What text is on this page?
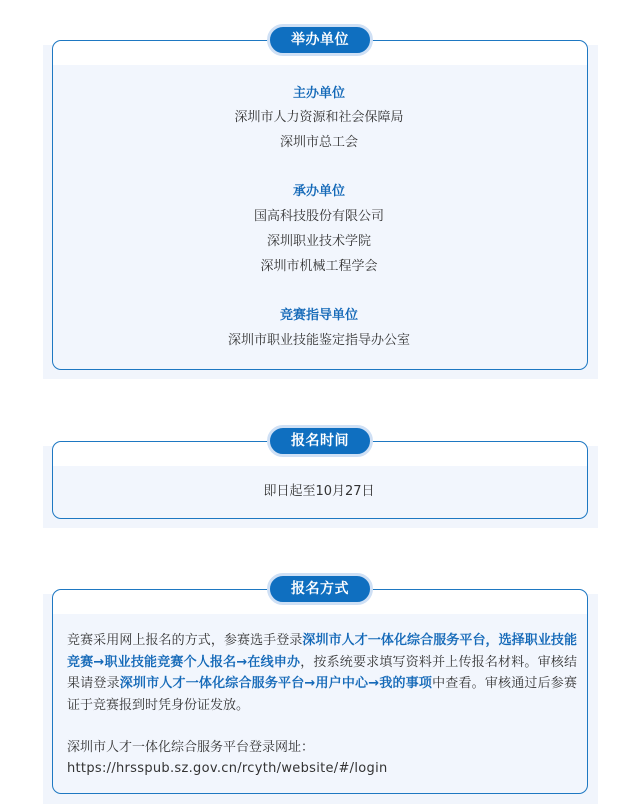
举办单位
主办单位
深圳市人力资源和社会保障局
深圳市总工会
承办单位
国高科技股份有限公司
深圳职业技术学院
深圳市机械工程学会
竞赛指导单位
深圳市职业技能鉴定指导办公室
报名时间
即日起至10月27日
报名方式
竞赛采用网上报名的方式，参赛选手登录深圳市人才一体化综合服务平台，选择职业技能竞赛→职业技能竞赛个人报名→在线申办，按系统要求填写资料并上传报名材料。审核结果请登录深圳市人才一体化综合服务平台→用户中心→我的事项中查看。审核通过后参赛证于竞赛报到时凭身份证发放。
深圳市人才一体化综合服务平台登录网址：
https://hrsspub.sz.gov.cn/rcyth/website/#/login
